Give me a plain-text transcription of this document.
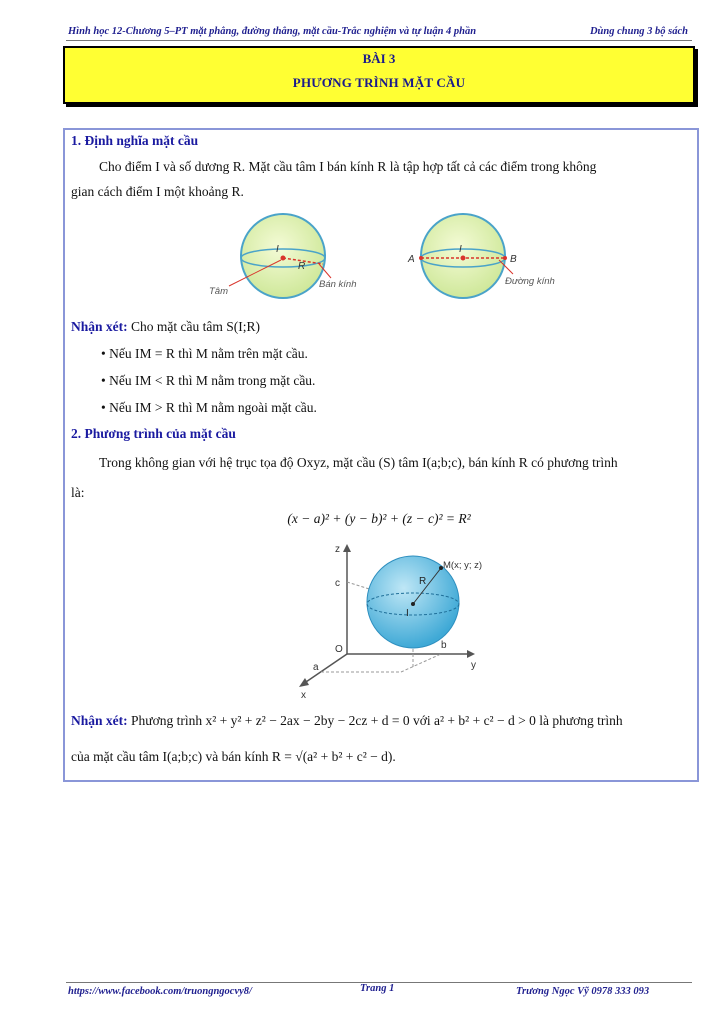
Hình học 12-Chương 5–PT mặt phẳng, đường thẳng, mặt cầu-Trắc nghiệm và tự luận 4 phần	Dùng chung 3 bộ sách
BÀI 3
PHƯƠNG TRÌNH MẶT CẦU
1. Định nghĩa mặt cầu
Cho điểm I và số dương R. Mặt cầu tâm I bán kính R là tập hợp tất cả các điểm trong không
gian cách điểm I một khoảng R.
I
R
Tâm
Bán kính
A	B
I
Đường kính
Nhận xét: Cho mặt cầu tâm S(I;R)
• Nếu IM = R thì M nằm trên mặt cầu.
• Nếu IM < R thì M nằm trong mặt cầu.
• Nếu IM > R thì M nằm ngoài mặt cầu.
2. Phương trình của mặt cầu
Trong không gian với hệ trục tọa độ Oxyz, mặt cầu (S) tâm I(a;b;c), bán kính R có phương trình
là:
(x − a)² + (y − b)² + (z − c)² = R²
z
c
M(x; y; z)
R
I
O	b
a
x
y
Nhận xét: Phương trình x² + y² + z² − 2ax − 2by − 2cz + d = 0 với a² + b² + c² − d > 0 là phương trình
của mặt cầu tâm I(a;b;c) và bán kính R = √(a² + b² + c² − d).
https://www.facebook.com/truongngocvy8/	Trang 1	Trương Ngọc Vỹ 0978 333 093
